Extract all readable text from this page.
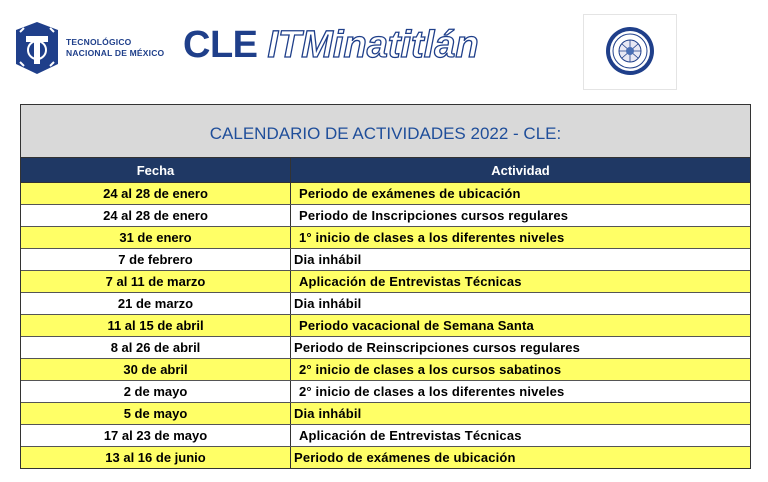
TECNOLÓGICO
NACIONAL DE MÉXICO CLE ITMinatitlán
CALENDARIO DE ACTIVIDADES 2022 - CLE:
Fecha	Actividad
24 al 28 de enero	Periodo de exámenes de ubicación
24 al 28 de enero	Periodo de Inscripciones cursos regulares
31 de enero	1° inicio de clases a los diferentes niveles
7 de febrero	Dia inhábil
7 al 11 de marzo	Aplicación de Entrevistas Técnicas
21 de marzo	Dia inhábil
11 al 15 de abril	Periodo vacacional de Semana Santa
8 al 26 de abril	Periodo de Reinscripciones cursos regulares
30 de abril	2° inicio de clases a los cursos sabatinos
2 de mayo	2° inicio de clases a los diferentes niveles
5 de mayo	Dia inhábil
17 al 23 de mayo	Aplicación de Entrevistas Técnicas
13 al 16 de junio	Periodo de exámenes de ubicación
